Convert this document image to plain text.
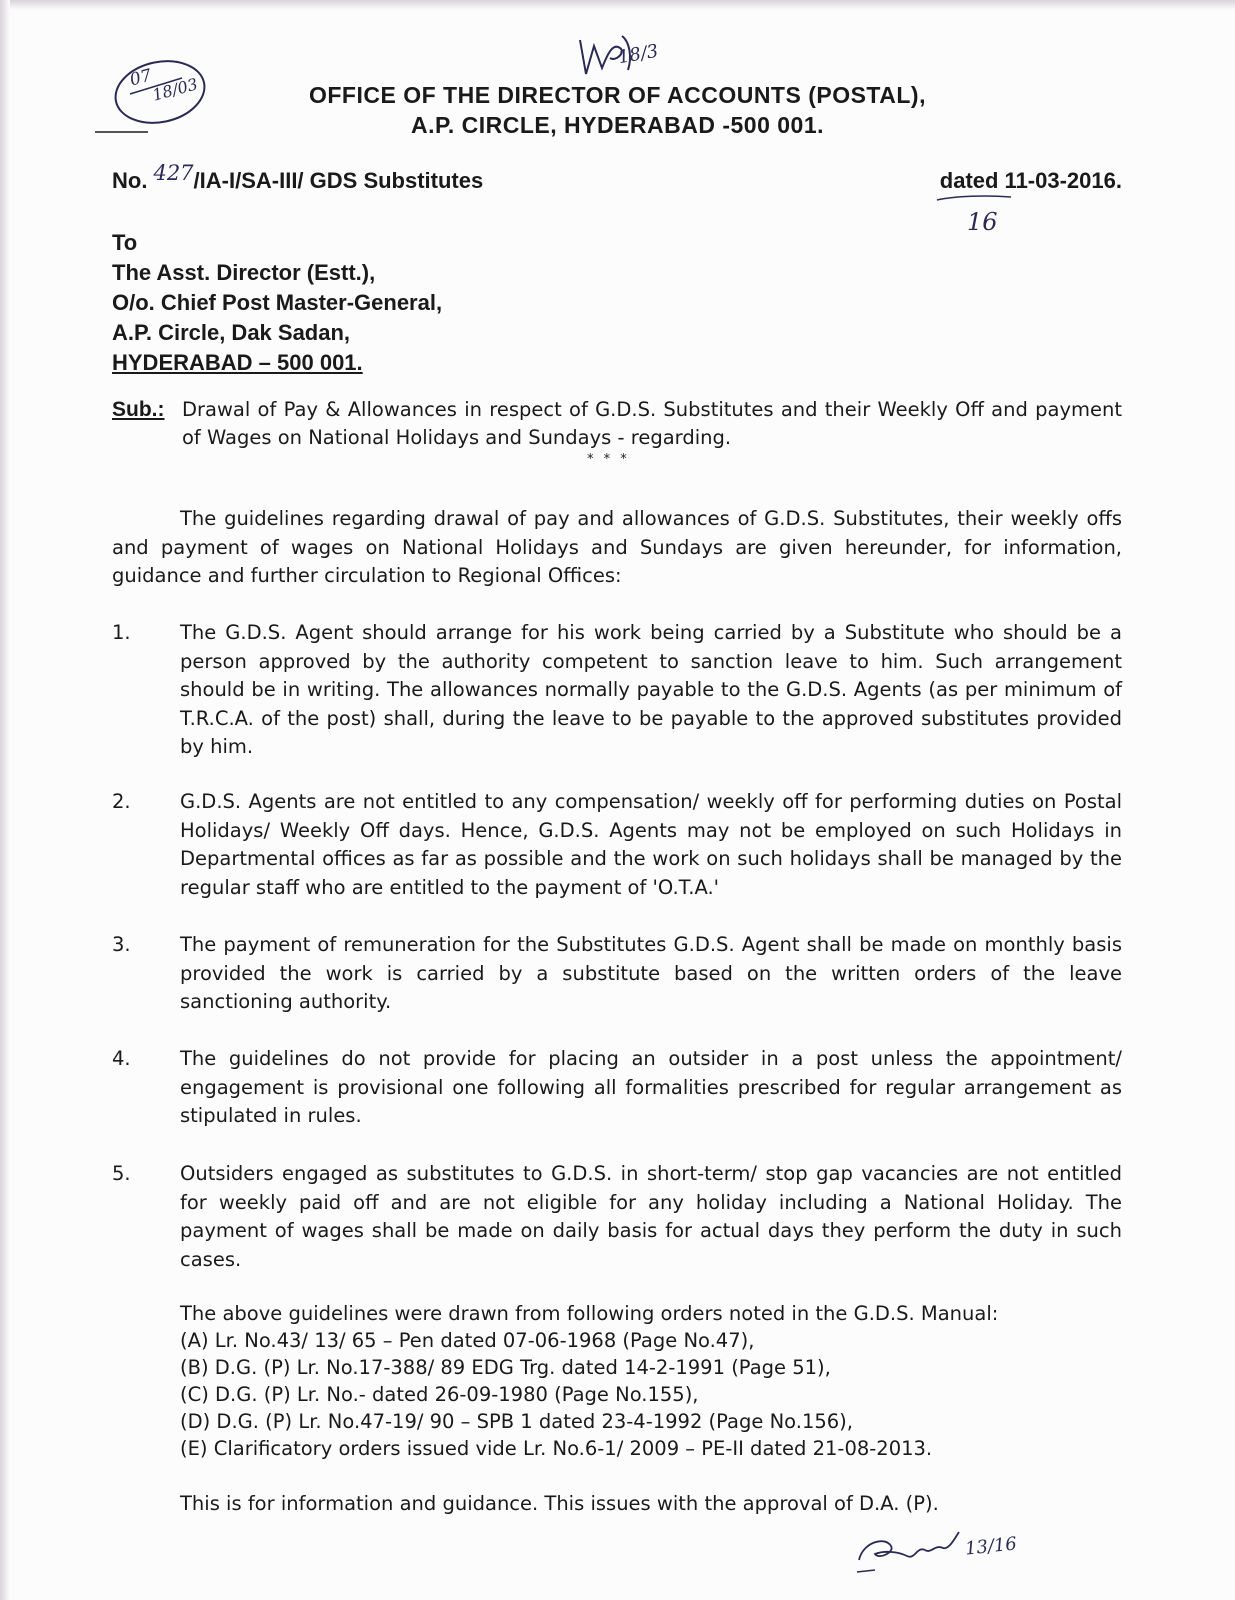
07
18/03
18/3
OFFICE OF THE DIRECTOR OF ACCOUNTS (POSTAL),
A.P. CIRCLE, HYDERABAD -500 001.
No. 427/IA-I/SA-III/ GDS Substitutes	dated 11-03-2016.
16
To
The Asst. Director (Estt.),
O/o. Chief Post Master-General,
A.P. Circle, Dak Sadan,
HYDERABAD – 500 001.
Sub.: Drawal of Pay & Allowances in respect of G.D.S. Substitutes and their Weekly Off and payment of Wages on National Holidays and Sundays - regarding.
* * *
The guidelines regarding drawal of pay and allowances of G.D.S. Substitutes, their weekly offs and payment of wages on National Holidays and Sundays are given hereunder, for information, guidance and further circulation to Regional Offices:
1.	The G.D.S. Agent should arrange for his work being carried by a Substitute who should be a person approved by the authority competent to sanction leave to him. Such arrangement should be in writing. The allowances normally payable to the G.D.S. Agents (as per minimum of T.R.C.A. of the post) shall, during the leave to be payable to the approved substitutes provided by him.
2.	G.D.S. Agents are not entitled to any compensation/ weekly off for performing duties on Postal Holidays/ Weekly Off days. Hence, G.D.S. Agents may not be employed on such Holidays in Departmental offices as far as possible and the work on such holidays shall be managed by the regular staff who are entitled to the payment of 'O.T.A.'
3.	The payment of remuneration for the Substitutes G.D.S. Agent shall be made on monthly basis provided the work is carried by a substitute based on the written orders of the leave sanctioning authority.
4.	The guidelines do not provide for placing an outsider in a post unless the appointment/ engagement is provisional one following all formalities prescribed for regular arrangement as stipulated in rules.
5.	Outsiders engaged as substitutes to G.D.S. in short-term/ stop gap vacancies are not entitled for weekly paid off and are not eligible for any holiday including a National Holiday. The payment of wages shall be made on daily basis for actual days they perform the duty in such cases.
The above guidelines were drawn from following orders noted in the G.D.S. Manual:
(A) Lr. No.43/ 13/ 65 – Pen dated 07-06-1968 (Page No.47),
(B) D.G. (P) Lr. No.17-388/ 89 EDG Trg. dated 14-2-1991 (Page 51),
(C) D.G. (P) Lr. No.- dated 26-09-1980 (Page No.155),
(D) D.G. (P) Lr. No.47-19/ 90 – SPB 1 dated 23-4-1992 (Page No.156),
(E) Clarificatory orders issued vide Lr. No.6-1/ 2009 – PE-II dated 21-08-2013.
This is for information and guidance. This issues with the approval of D.A. (P).
13/16
